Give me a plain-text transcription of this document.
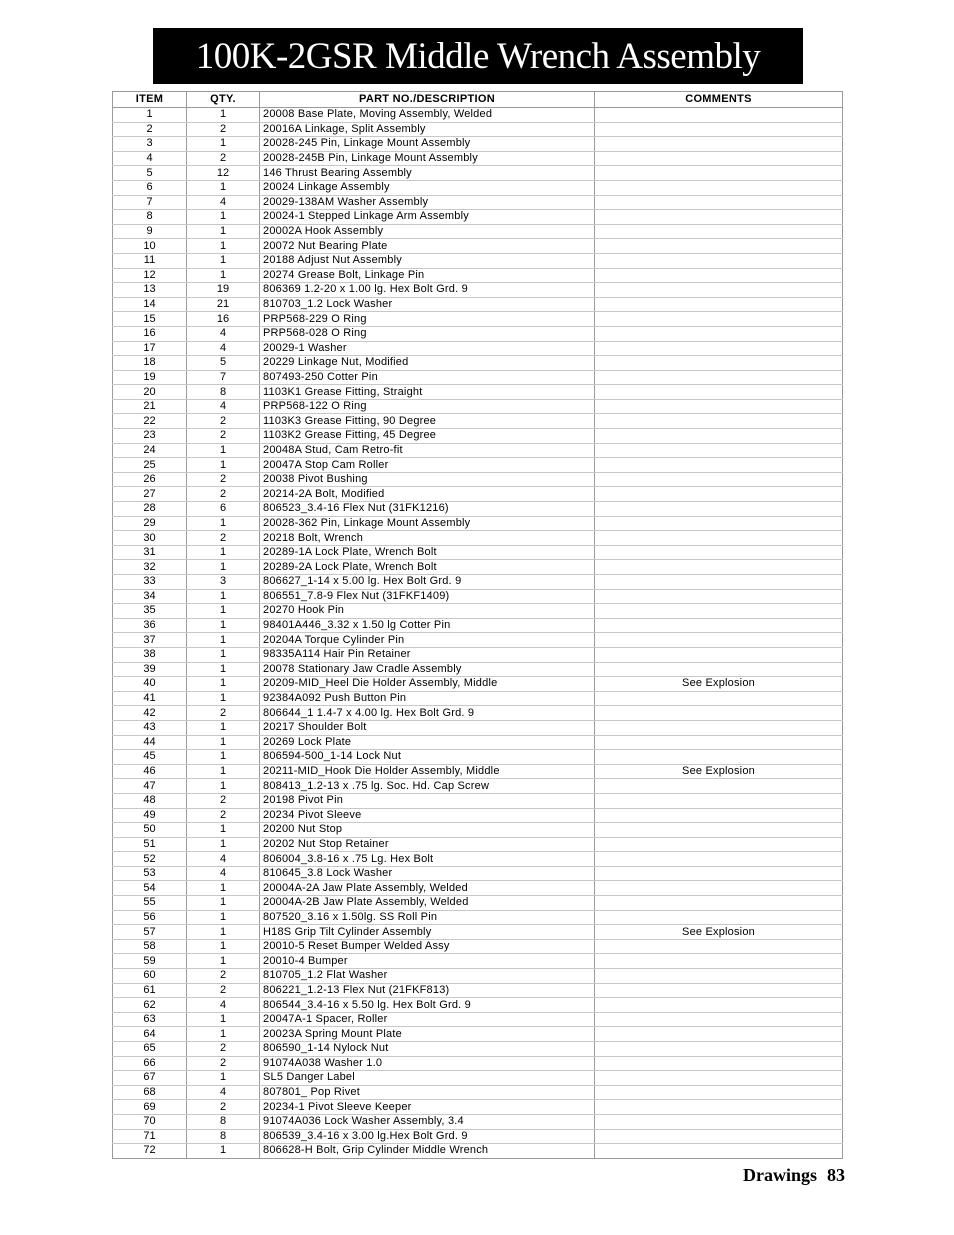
100K-2GSR Middle Wrench Assembly
ITEM	QTY.	PART NO./DESCRIPTION	COMMENTS
1	1	20008 Base Plate, Moving Assembly, Welded	
2	2	20016A Linkage, Split Assembly	
3	1	20028-245 Pin, Linkage Mount Assembly	
4	2	20028-245B Pin, Linkage Mount Assembly	
5	12	146 Thrust Bearing Assembly	
6	1	20024 Linkage Assembly	
7	4	20029-138AM Washer Assembly	
8	1	20024-1 Stepped Linkage Arm Assembly	
9	1	20002A Hook Assembly	
10	1	20072 Nut Bearing Plate	
11	1	20188 Adjust Nut Assembly	
12	1	20274 Grease Bolt, Linkage Pin	
13	19	806369 1.2-20 x 1.00 lg. Hex Bolt Grd. 9	
14	21	810703_1.2 Lock Washer	
15	16	PRP568-229 O Ring	
16	4	PRP568-028 O Ring	
17	4	20029-1 Washer	
18	5	20229 Linkage Nut, Modified	
19	7	807493-250 Cotter Pin	
20	8	1103K1 Grease Fitting, Straight	
21	4	PRP568-122 O Ring	
22	2	1103K3 Grease Fitting, 90 Degree	
23	2	1103K2 Grease Fitting, 45 Degree	
24	1	20048A Stud, Cam Retro-fit	
25	1	20047A Stop Cam Roller	
26	2	20038 Pivot Bushing	
27	2	20214-2A Bolt, Modified	
28	6	806523_3.4-16 Flex Nut (31FK1216)	
29	1	20028-362 Pin, Linkage Mount Assembly	
30	2	20218 Bolt, Wrench	
31	1	20289-1A Lock Plate, Wrench Bolt	
32	1	20289-2A Lock Plate, Wrench Bolt	
33	3	806627_1-14 x 5.00 lg. Hex Bolt Grd. 9	
34	1	806551_7.8-9 Flex Nut (31FKF1409)	
35	1	20270 Hook Pin	
36	1	98401A446_3.32 x 1.50 lg Cotter Pin	
37	1	20204A Torque Cylinder Pin	
38	1	98335A114 Hair Pin Retainer	
39	1	20078 Stationary Jaw Cradle Assembly	
40	1	20209-MID_Heel Die Holder Assembly, Middle	See Explosion
41	1	92384A092 Push Button Pin	
42	2	806644_1 1.4-7 x 4.00 lg. Hex Bolt Grd. 9	
43	1	20217 Shoulder Bolt	
44	1	20269 Lock Plate	
45	1	806594-500_1-14 Lock Nut	
46	1	20211-MID_Hook Die Holder Assembly, Middle	See Explosion
47	1	808413_1.2-13 x .75 lg. Soc. Hd. Cap Screw	
48	2	20198 Pivot Pin	
49	2	20234 Pivot Sleeve	
50	1	20200 Nut Stop	
51	1	20202 Nut Stop Retainer	
52	4	806004_3.8-16 x .75 Lg. Hex Bolt	
53	4	810645_3.8 Lock Washer	
54	1	20004A-2A Jaw Plate Assembly, Welded	
55	1	20004A-2B Jaw Plate Assembly, Welded	
56	1	807520_3.16 x 1.50lg. SS Roll Pin	
57	1	H18S Grip Tilt Cylinder Assembly	See Explosion
58	1	20010-5 Reset Bumper Welded Assy	
59	1	20010-4 Bumper	
60	2	810705_1.2 Flat Washer	
61	2	806221_1.2-13 Flex Nut (21FKF813)	
62	4	806544_3.4-16 x 5.50 lg. Hex Bolt Grd. 9	
63	1	20047A-1 Spacer, Roller	
64	1	20023A Spring Mount Plate	
65	2	806590_1-14 Nylock Nut	
66	2	91074A038 Washer 1.0	
67	1	SL5 Danger Label	
68	4	807801_ Pop Rivet	
69	2	20234-1 Pivot Sleeve Keeper	
70	8	91074A036 Lock Washer Assembly, 3.4	
71	8	806539_3.4-16 x 3.00 lg.Hex Bolt Grd. 9	
72	1	806628-H Bolt, Grip Cylinder Middle Wrench	
Drawings 83
